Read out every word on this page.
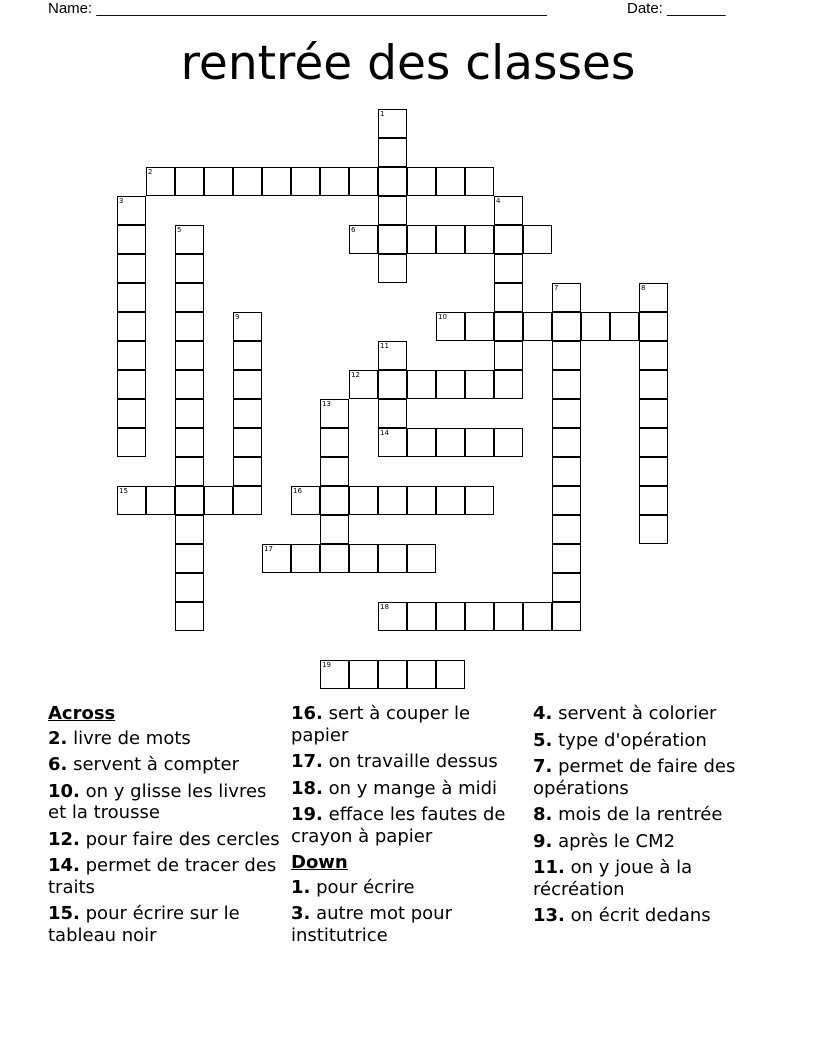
Name: ______________________________________________________	Date: _______
rentrée des classes
1
2
3	4
5	6
7	8
9	10
11
14
12
13
15	16
17
18
19
Across
2. livre de mots
6. servent à compter
10. on y glisse les livres et la trousse
12. pour faire des cercles
14. permet de tracer des traits
15. pour écrire sur le tableau noir
16. sert à couper le papier
17. on travaille dessus
18. on y mange à midi
19. efface les fautes de crayon à papier
Down
1. pour écrire
3. autre mot pour institutrice
4. servent à colorier
5. type d'opération
7. permet de faire des opérations
8. mois de la rentrée
9. après le CM2
11. on y joue à la récréation
13. on écrit dedans
